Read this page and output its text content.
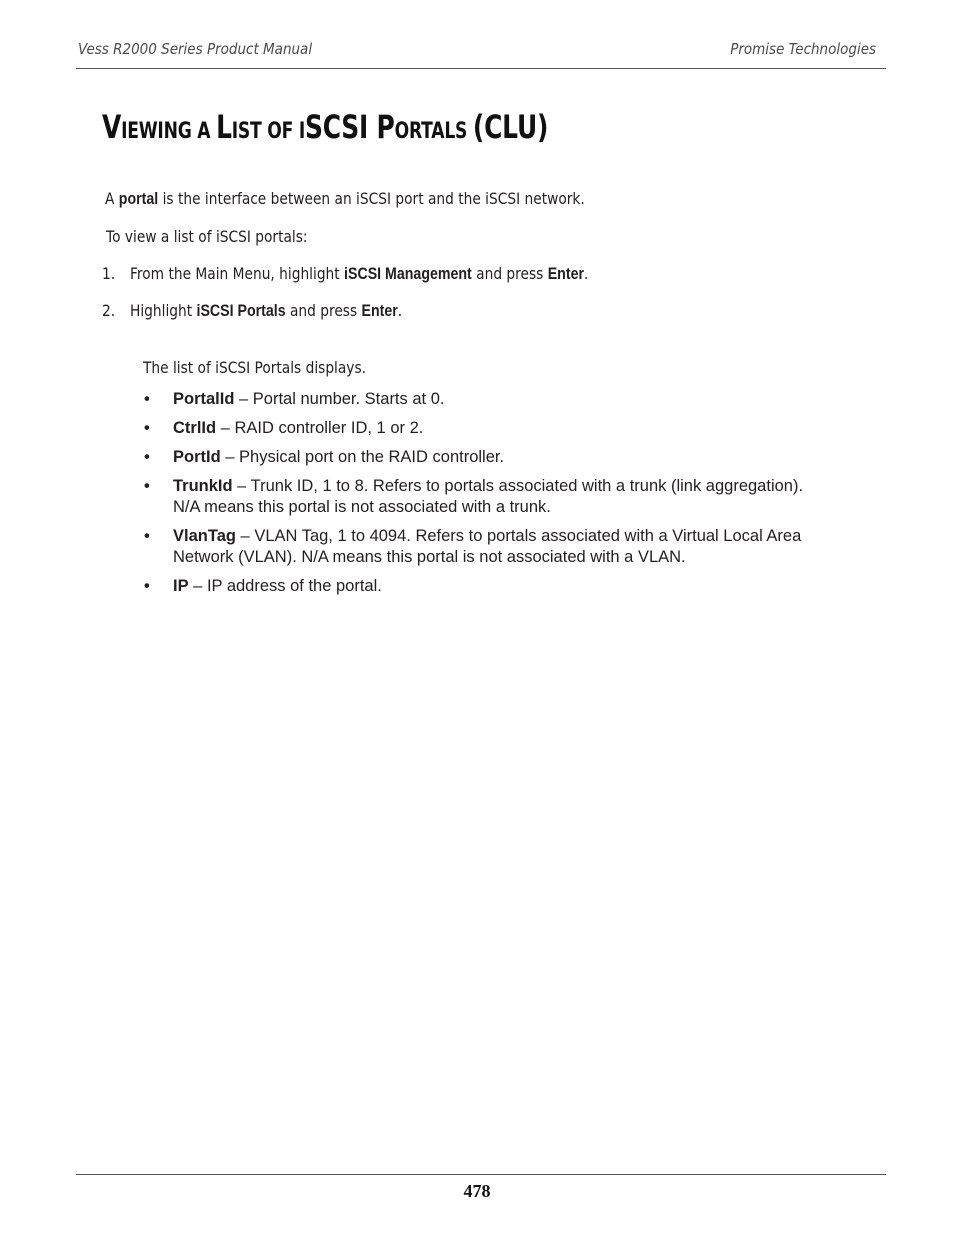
Vess R2000 Series Product Manual	Promise Technologies
VIEWING A LIST OF ISCSI PORTALS (CLU)
A portal is the interface between an iSCSI port and the iSCSI network.
To view a list of iSCSI portals:
1. From the Main Menu, highlight iSCSI Management and press Enter.
2. Highlight iSCSI Portals and press Enter.
The list of iSCSI Portals displays.
• PortalId – Portal number. Starts at 0.
• CtrlId – RAID controller ID, 1 or 2.
• PortId – Physical port on the RAID controller.
• TrunkId – Trunk ID, 1 to 8. Refers to portals associated with a trunk (link aggregation). N/A means this portal is not associated with a trunk.
• VlanTag – VLAN Tag, 1 to 4094. Refers to portals associated with a Virtual Local Area Network (VLAN). N/A means this portal is not associated with a VLAN.
• IP – IP address of the portal.
478
